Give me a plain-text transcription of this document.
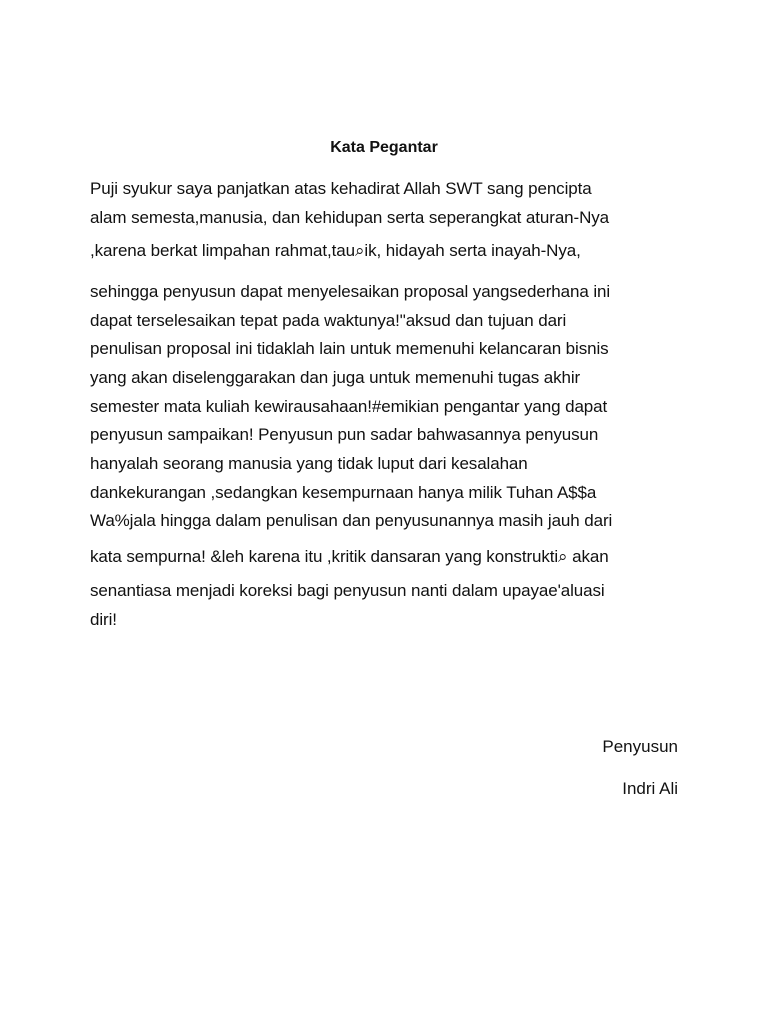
Kata Pegantar
Puji syukur saya panjatkan atas kehadirat Allah SWT sang pencipta
alam semesta,manusia, dan kehidupan serta seperangkat aturan-Nya
,karena berkat limpahan rahmat,tau⌕ik, hidayah serta inayah-Nya,
sehingga penyusun dapat menyelesaikan proposal yangsederhana ini
dapat terselesaikan tepat pada waktunya!"aksud dan tujuan dari
penulisan proposal ini tidaklah lain untuk memenuhi kelancaran bisnis
yang akan diselenggarakan dan juga untuk memenuhi tugas akhir
semester mata kuliah kewirausahaan!#emikian pengantar yang dapat
penyusun sampaikan! Penyusun pun sadar bahwasannya penyusun
hanyalah seorang manusia yang tidak luput dari kesalahan
dankekurangan ,sedangkan kesempurnaan hanya milik Tuhan A$$a
Wa%jala hingga dalam penulisan dan penyusunannya masih jauh dari
kata sempurna! &leh karena itu ,kritik dansaran yang konstrukti⌕ akan
senantiasa menjadi koreksi bagi penyusun nanti dalam upayae'aluasi
diri!
Penyusun
Indri Ali
